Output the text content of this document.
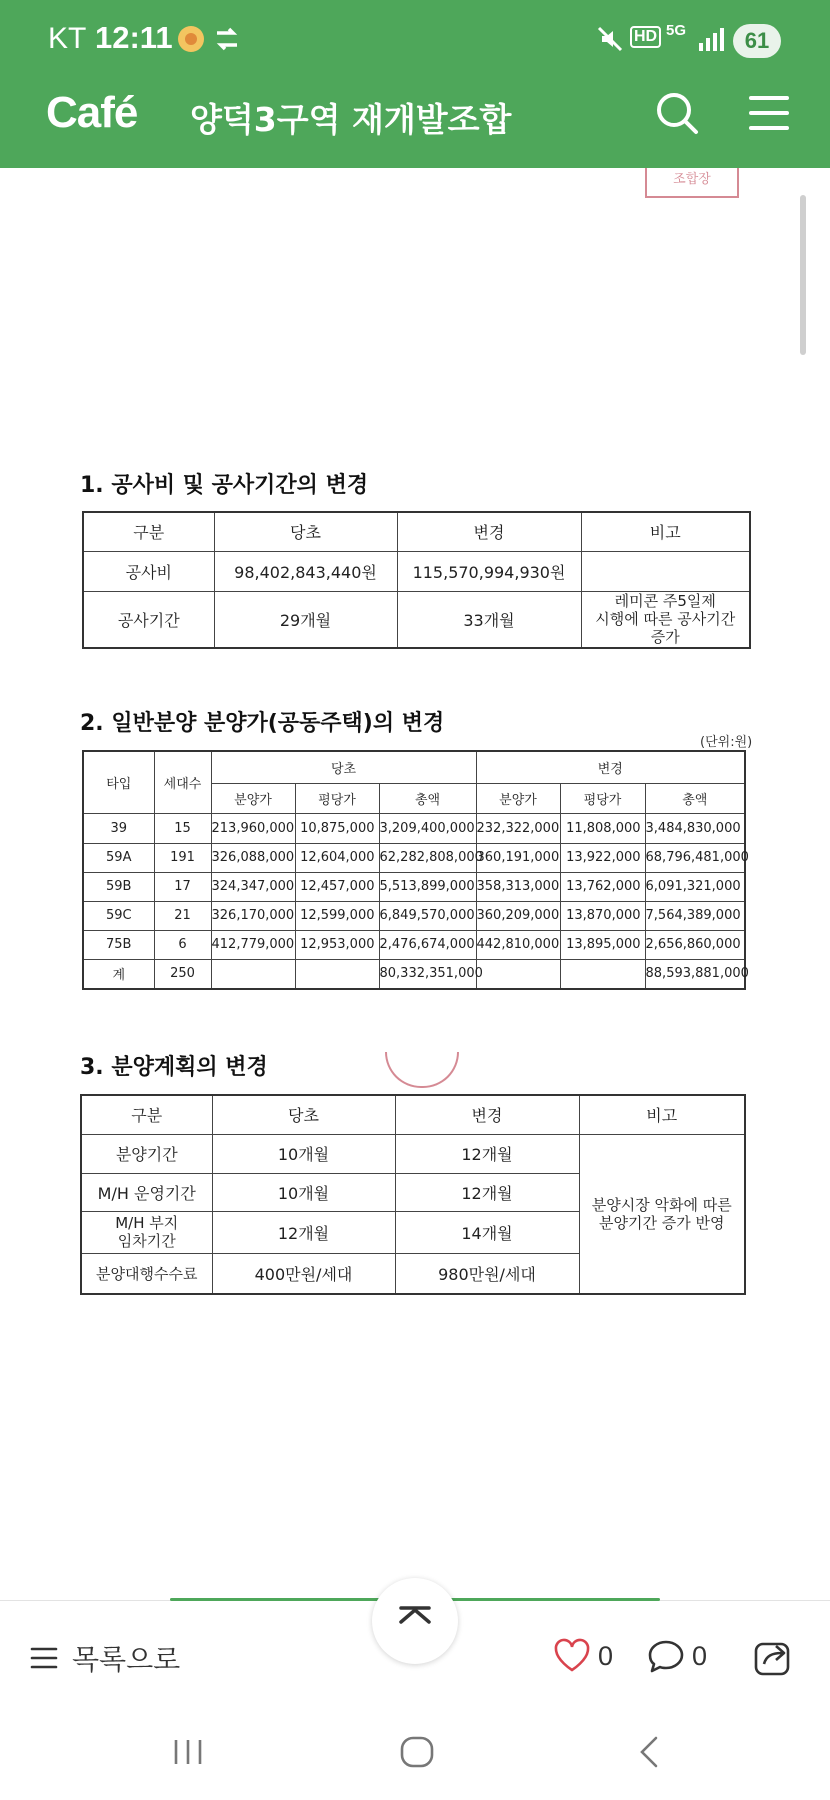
KT 12:11	HD 5G	61
Café 양덕3구역 재개발조합
조합장
1. 공사비 및 공사기간의 변경
구분	당초	변경	비고
공사비	98,402,843,440원	115,570,994,930원	
공사기간	29개월	33개월	레미콘 주5일제
시행에 따른 공사기간
증가
2. 일반분양 분양가(공동주택)의 변경
(단위:원)
타입	세대수	당초			변경		
		분양가	평당가	총액	분양가	평당가	총액
39	15	213,960,000	10,875,000	3,209,400,000	232,322,000	11,808,000	3,484,830,000
59A	191	326,088,000	12,604,000	62,282,808,000	360,191,000	13,922,000	68,796,481,000
59B	17	324,347,000	12,457,000	5,513,899,000	358,313,000	13,762,000	6,091,321,000
59C	21	326,170,000	12,599,000	6,849,570,000	360,209,000	13,870,000	7,564,389,000
75B	6	412,779,000	12,953,000	2,476,674,000	442,810,000	13,895,000	2,656,860,000
계	250			80,332,351,000			88,593,881,000
3. 분양계획의 변경
구분	당초	변경	비고
분양기간	10개월	12개월	분양시장 악화에 따른
분양기간 증가 반영

M/H 운영기간	10개월	12개월	

M/H 부지
임차기간	12개월	14개월	
분양대행수수료	400만원/세대	980만원/세대	
목록으로	0	0
